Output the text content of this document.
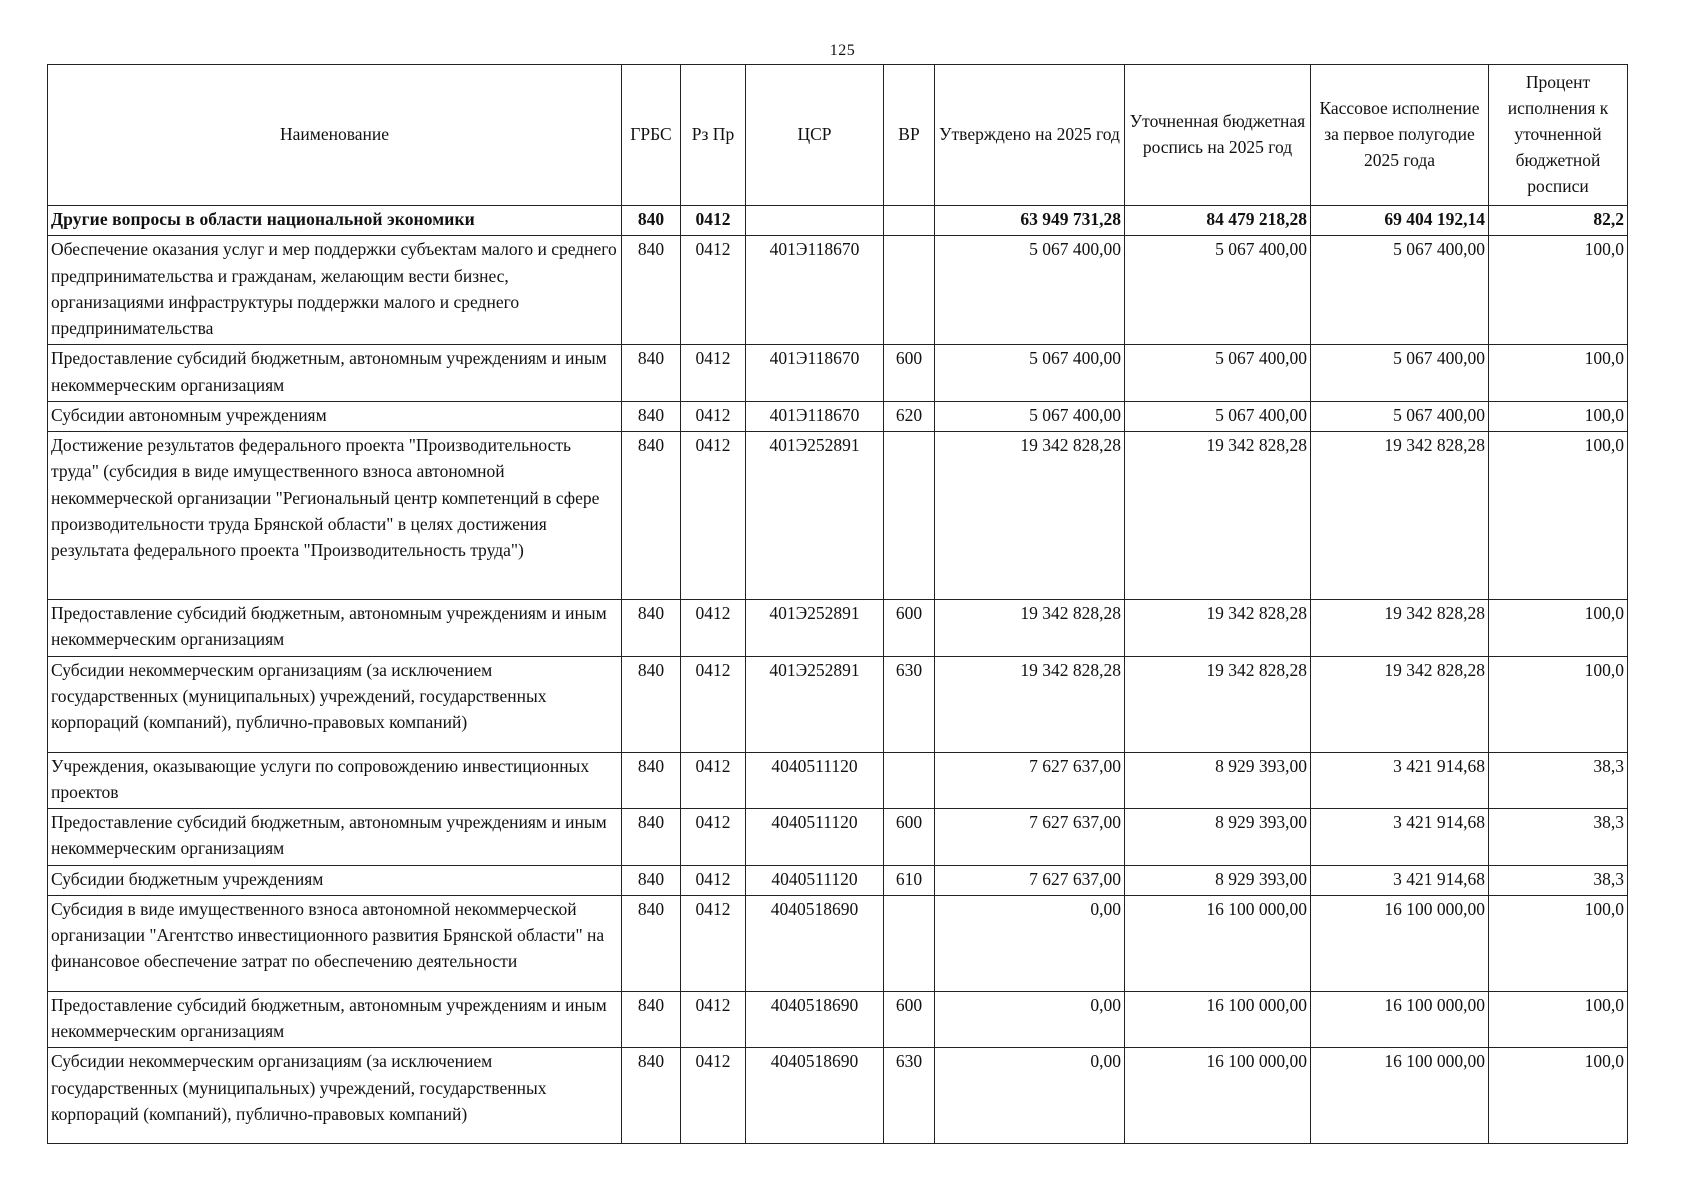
125
Наименование	ГРБС	Рз Пр	ЦСР	ВР	Утверждено на 2025 год	Уточненная бюджетная роспись на 2025 год	Кассовое исполнение за первое полугодие 2025 года	Процент исполнения к уточненной бюджетной росписи
Другие вопросы в области национальной экономики	840	0412			63 949 731,28	84 479 218,28	69 404 192,14	82,2
Обеспечение оказания услуг и мер поддержки субъектам малого и среднего предпринимательства и гражданам, желающим вести бизнес, организациями инфраструктуры поддержки малого и среднего предпринимательства	840	0412	401Э118670		5 067 400,00	5 067 400,00	5 067 400,00	100,0
Предоставление субсидий бюджетным, автономным учреждениям и иным некоммерческим организациям	840	0412	401Э118670	600	5 067 400,00	5 067 400,00	5 067 400,00	100,0
Субсидии автономным учреждениям	840	0412	401Э118670	620	5 067 400,00	5 067 400,00	5 067 400,00	100,0
Достижение результатов федерального проекта "Производительность труда" (субсидия в виде имущественного взноса автономной некоммерческой организации "Региональный центр компетенций в сфере производительности труда Брянской области" в целях достижения результата федерального проекта "Производительность труда")	840	0412	401Э252891		19 342 828,28	19 342 828,28	19 342 828,28	100,0
Предоставление субсидий бюджетным, автономным учреждениям и иным некоммерческим организациям	840	0412	401Э252891	600	19 342 828,28	19 342 828,28	19 342 828,28	100,0
Субсидии некоммерческим организациям (за исключением государственных (муниципальных) учреждений, государственных корпораций (компаний), публично-правовых компаний)	840	0412	401Э252891	630	19 342 828,28	19 342 828,28	19 342 828,28	100,0
Учреждения, оказывающие услуги по сопровождению инвестиционных проектов	840	0412	4040511120		7 627 637,00	8 929 393,00	3 421 914,68	38,3
Предоставление субсидий бюджетным, автономным учреждениям и иным некоммерческим организациям	840	0412	4040511120	600	7 627 637,00	8 929 393,00	3 421 914,68	38,3
Субсидии бюджетным учреждениям	840	0412	4040511120	610	7 627 637,00	8 929 393,00	3 421 914,68	38,3
Субсидия в виде имущественного взноса автономной некоммерческой организации "Агентство инвестиционного развития Брянской области" на финансовое обеспечение затрат по обеспечению деятельности	840	0412	4040518690		0,00	16 100 000,00	16 100 000,00	100,0
Предоставление субсидий бюджетным, автономным учреждениям и иным некоммерческим организациям	840	0412	4040518690	600	0,00	16 100 000,00	16 100 000,00	100,0
Субсидии некоммерческим организациям (за исключением государственных (муниципальных) учреждений, государственных корпораций (компаний), публично-правовых компаний)	840	0412	4040518690	630	0,00	16 100 000,00	16 100 000,00	100,0
